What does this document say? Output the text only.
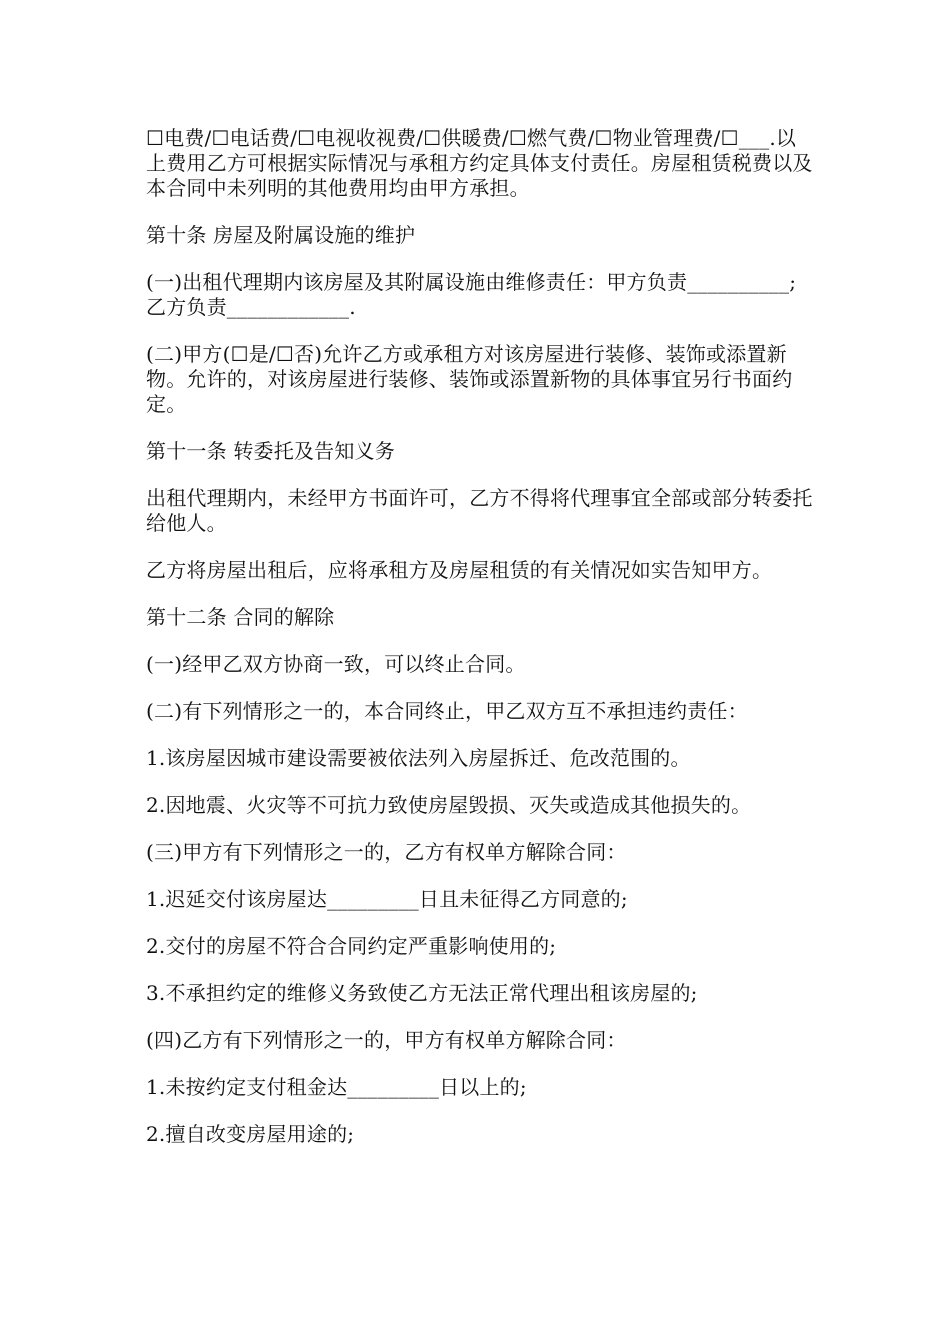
☐电费/☐电话费/☐电视收视费/☐供暖费/☐燃气费/☐物业管理费/☐___.以上费用乙方可根据实际情况与承租方约定具体支付责任。房屋租赁税费以及本合同中未列明的其他费用均由甲方承担。

第十条 房屋及附属设施的维护

(一)出租代理期内该房屋及其附属设施由维修责任：甲方负责__________;乙方负责____________.

(二)甲方(☐是/☐否)允许乙方或承租方对该房屋进行装修、装饰或添置新物。允许的，对该房屋进行装修、装饰或添置新物的具体事宜另行书面约定。

第十一条 转委托及告知义务

出租代理期内，未经甲方书面许可，乙方不得将代理事宜全部或部分转委托给他人。

乙方将房屋出租后，应将承租方及房屋租赁的有关情况如实告知甲方。

第十二条 合同的解除

(一)经甲乙双方协商一致，可以终止合同。

(二)有下列情形之一的，本合同终止，甲乙双方互不承担违约责任：

1.该房屋因城市建设需要被依法列入房屋拆迁、危改范围的。

2.因地震、火灾等不可抗力致使房屋毁损、灭失或造成其他损失的。

(三)甲方有下列情形之一的，乙方有权单方解除合同：

1.迟延交付该房屋达_________日且未征得乙方同意的;

2.交付的房屋不符合合同约定严重影响使用的;

3.不承担约定的维修义务致使乙方无法正常代理出租该房屋的;

(四)乙方有下列情形之一的，甲方有权单方解除合同：

1.未按约定支付租金达_________日以上的;

2.擅自改变房屋用途的;
